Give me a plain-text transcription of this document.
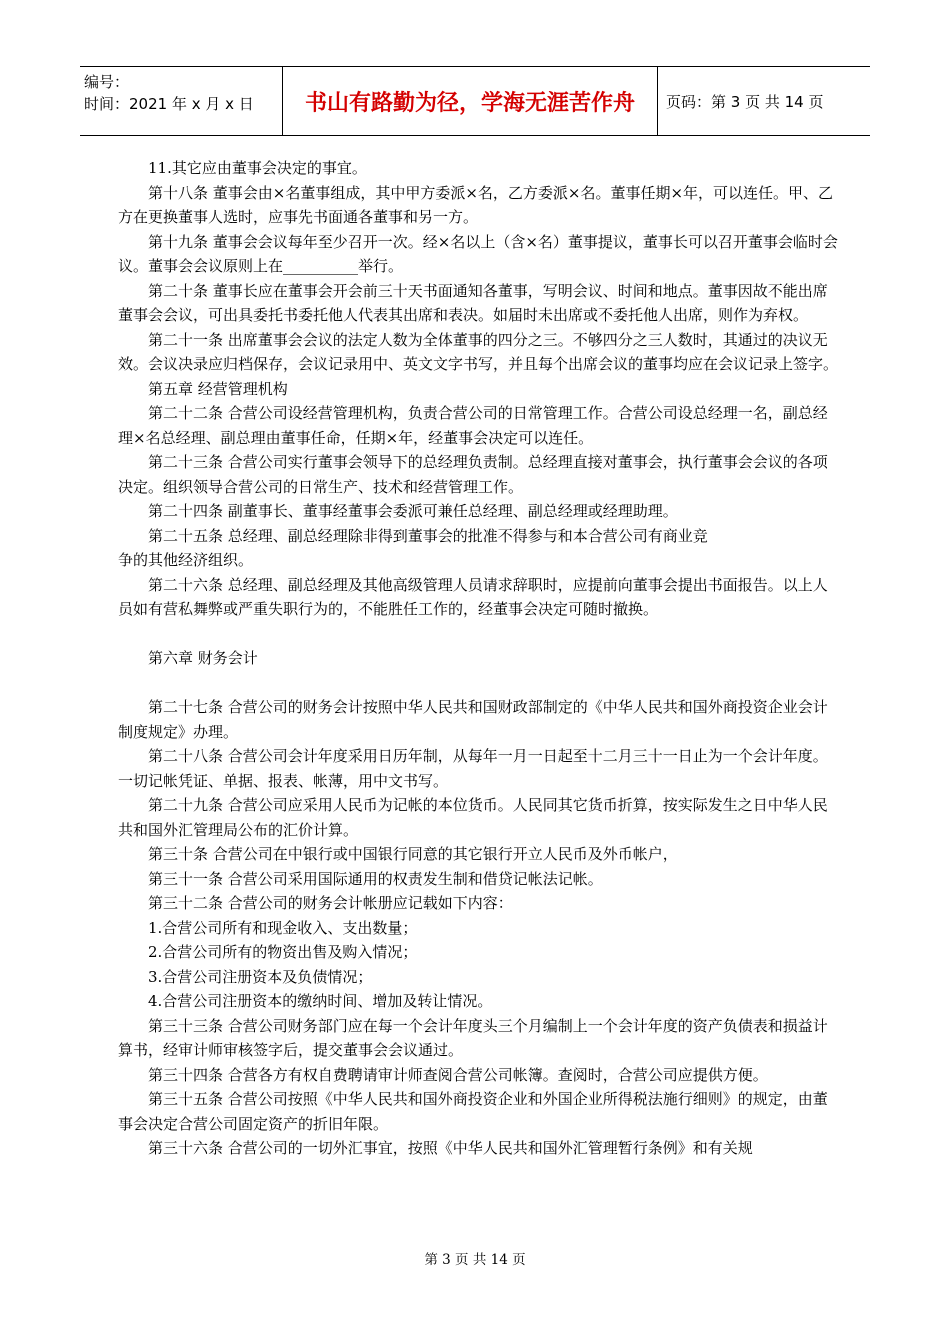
编号：
时间：2021 年 x 月 x 日	书山有路勤为径，学海无涯苦作舟	页码：第 3 页 共 14 页

11.其它应由董事会决定的事宜。

第十八条 董事会由×名董事组成，其中甲方委派×名，乙方委派×名。董事任期×年，可以连任。甲、乙方在更换董事人选时，应事先书面通各董事和另一方。

第十九条 董事会会议每年至少召开一次。经×名以上（含×名）董事提议，董事长可以召开董事会临时会议。董事会会议原则上在__________举行。

第二十条 董事长应在董事会开会前三十天书面通知各董事，写明会议、时间和地点。董事因故不能出席董事会会议，可出具委托书委托他人代表其出席和表决。如届时未出席或不委托他人出席，则作为弃权。

第二十一条 出席董事会会议的法定人数为全体董事的四分之三。不够四分之三人数时，其通过的决议无效。会议决录应归档保存，会议记录用中、英文文字书写，并且每个出席会议的董事均应在会议记录上签字。

第五章 经营管理机构

第二十二条 合营公司设经营管理机构，负责合营公司的日常管理工作。合营公司设总经理一名，副总经理×名总经理、副总理由董事任命，任期×年，经董事会决定可以连任。

第二十三条 合营公司实行董事会领导下的总经理负责制。总经理直接对董事会，执行董事会会议的各项决定。组织领导合营公司的日常生产、技术和经营管理工作。

第二十四条 副董事长、董事经董事会委派可兼任总经理、副总经理或经理助理。

第二十五条 总经理、副总经理除非得到董事会的批准不得参与和本合营公司有商业竞

争的其他经济组织。

第二十六条 总经理、副总经理及其他高级管理人员请求辞职时，应提前向董事会提出书面报告。以上人员如有营私舞弊或严重失职行为的，不能胜任工作的，经董事会决定可随时撤换。

第六章 财务会计

第二十七条 合营公司的财务会计按照中华人民共和国财政部制定的《中华人民共和国外商投资企业会计制度规定》办理。

第二十八条 合营公司会计年度采用日历年制，从每年一月一日起至十二月三十一日止为一个会计年度。一切记帐凭证、单据、报表、帐薄，用中文书写。

第二十九条 合营公司应采用人民币为记帐的本位货币。人民同其它货币折算，按实际发生之日中华人民共和国外汇管理局公布的汇价计算。

第三十条 合营公司在中银行或中国银行同意的其它银行开立人民币及外币帐户，

第三十一条 合营公司采用国际通用的权责发生制和借贷记帐法记帐。

第三十二条 合营公司的财务会计帐册应记载如下内容：

1.合营公司所有和现金收入、支出数量；

2.合营公司所有的物资出售及购入情况；

3.合营公司注册资本及负债情况；

4.合营公司注册资本的缴纳时间、增加及转让情况。

第三十三条 合营公司财务部门应在每一个会计年度头三个月编制上一个会计年度的资产负债表和损益计算书，经审计师审核签字后，提交董事会会议通过。

第三十四条 合营各方有权自费聘请审计师查阅合营公司帐簿。查阅时，合营公司应提供方便。

第三十五条 合营公司按照《中华人民共和国外商投资企业和外国企业所得税法施行细则》的规定，由董事会决定合营公司固定资产的折旧年限。

第三十六条 合营公司的一切外汇事宜，按照《中华人民共和国外汇管理暂行条例》和有关规

第 3 页 共 14 页
